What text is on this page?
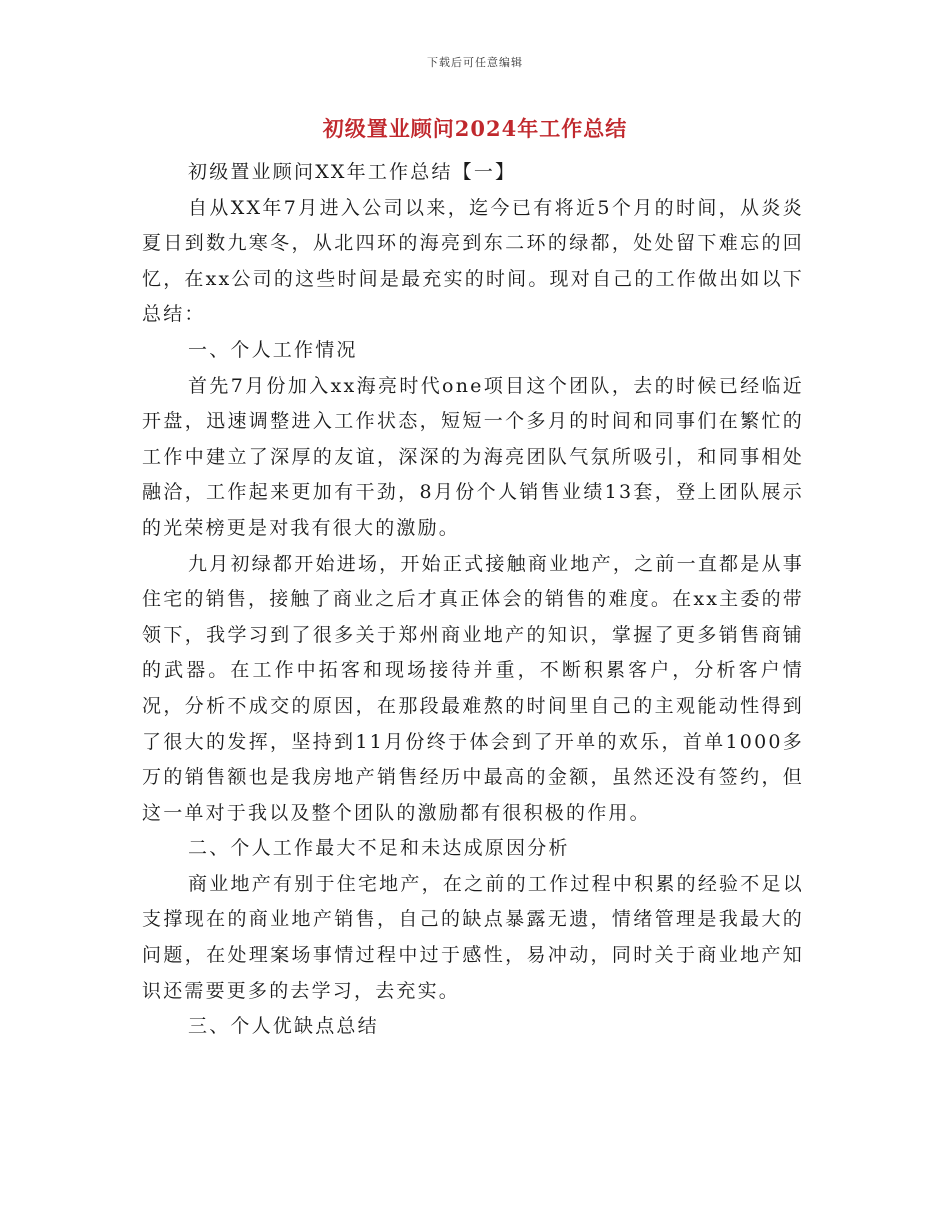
下载后可任意编辑
初级置业顾问2024年工作总结

初级置业顾问XX年工作总结【一】

自从XX年7月进入公司以来，迄今已有将近5个月的时间，从炎炎夏日到数九寒冬，从北四环的海亮到东二环的绿都，处处留下难忘的回忆，在xx公司的这些时间是最充实的时间。现对自己的工作做出如以下总结：

一、个人工作情况

首先7月份加入xx海亮时代one项目这个团队，去的时候已经临近开盘，迅速调整进入工作状态，短短一个多月的时间和同事们在繁忙的工作中建立了深厚的友谊，深深的为海亮团队气氛所吸引，和同事相处融洽，工作起来更加有干劲，8月份个人销售业绩13套，登上团队展示的光荣榜更是对我有很大的激励。

九月初绿都开始进场，开始正式接触商业地产，之前一直都是从事住宅的销售，接触了商业之后才真正体会的销售的难度。在xx主委的带领下，我学习到了很多关于郑州商业地产的知识，掌握了更多销售商铺的武器。在工作中拓客和现场接待并重，不断积累客户，分析客户情况，分析不成交的原因，在那段最难熬的时间里自己的主观能动性得到了很大的发挥，坚持到11月份终于体会到了开单的欢乐，首单1000多万的销售额也是我房地产销售经历中最高的金额，虽然还没有签约，但这一单对于我以及整个团队的激励都有很积极的作用。

二、个人工作最大不足和未达成原因分析

商业地产有别于住宅地产，在之前的工作过程中积累的经验不足以支撑现在的商业地产销售，自己的缺点暴露无遗，情绪管理是我最大的问题，在处理案场事情过程中过于感性，易冲动，同时关于商业地产知识还需要更多的去学习，去充实。

三、个人优缺点总结
